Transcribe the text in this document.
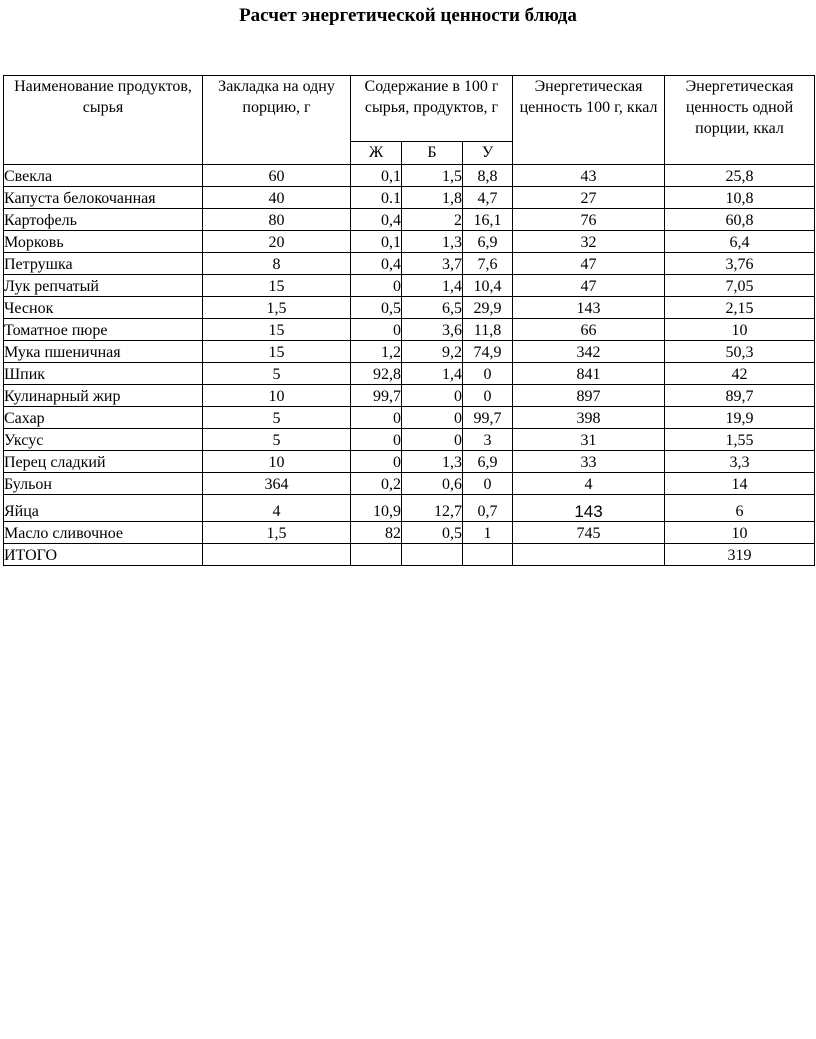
Расчет энергетической ценности блюда
Наименование продуктов, сырья	Закладка на одну порцию, г	Содержание в 100 г сырья, продуктов, г			Энергетическая ценность 100 г, ккал	Энергетическая ценность одной порции, ккал
		Ж	Б	У		
Свекла	60	0,1	1,5	8,8	43	25,8
Капуста белокочанная	40	0.1	1,8	4,7	27	10,8
Картофель	80	0,4	2	16,1	76	60,8
Морковь	20	0,1	1,3	6,9	32	6,4
Петрушка	8	0,4	3,7	7,6	47	3,76
Лук репчатый	15	0	1,4	10,4	47	7,05
Чеснок	1,5	0,5	6,5	29,9	143	2,15
Томатное пюре	15	0	3,6	11,8	66	10
Мука пшеничная	15	1,2	9,2	74,9	342	50,3
Шпик	5	92,8	1,4	0	841	42
Кулинарный жир	10	99,7	0	0	897	89,7
Сахар	5	0	0	99,7	398	19,9
Уксус	5	0	0	3	31	1,55
Перец сладкий	10	0	1,3	6,9	33	3,3
Бульон	364	0,2	0,6	0	4	14
Яйца	4	10,9	12,7	0,7	143	6
Масло сливочное	1,5	82	0,5	1	745	10
ИТОГО						319
